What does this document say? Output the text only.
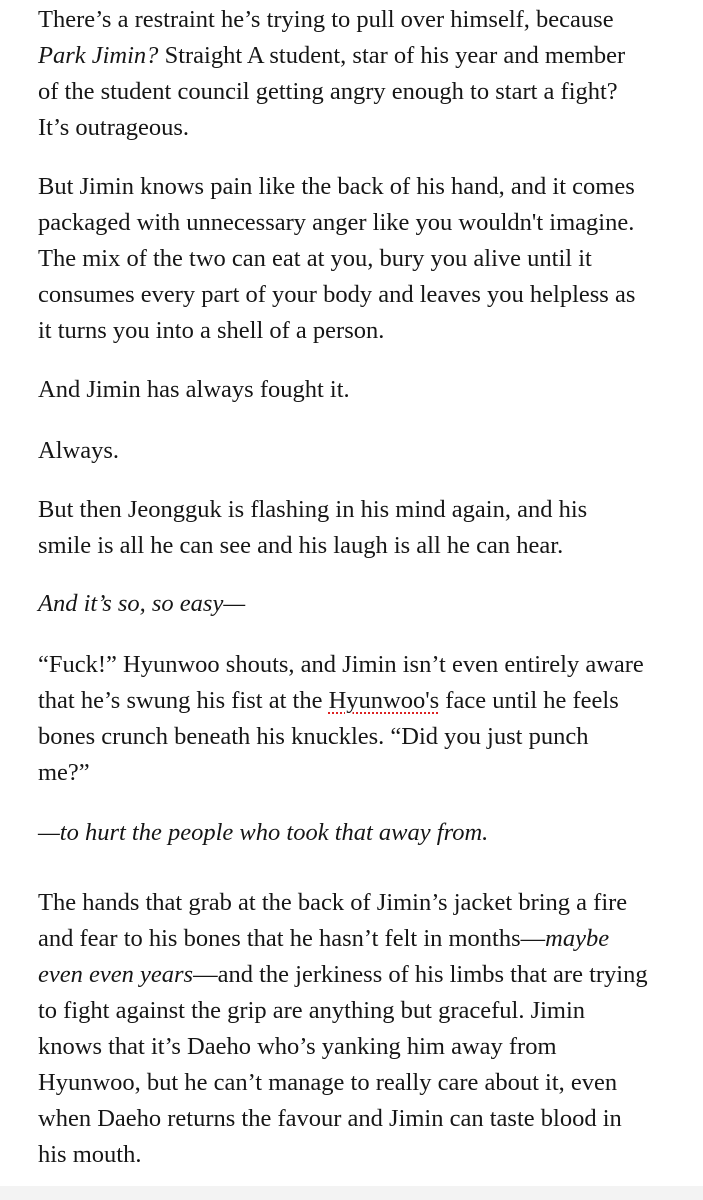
There’s a restraint he’s trying to pull over himself, because
Park Jimin? Straight A student, star of his year and member
of the student council getting angry enough to start a fight?
It’s outrageous.

But Jimin knows pain like the back of his hand, and it comes
packaged with unnecessary anger like you wouldn't imagine.
The mix of the two can eat at you, bury you alive until it
consumes every part of your body and leaves you helpless as
it turns you into a shell of a person.

And Jimin has always fought it.

Always.

But then Jeongguk is flashing in his mind again, and his
smile is all he can see and his laugh is all he can hear.

And it’s so, so easy—

“Fuck!” Hyunwoo shouts, and Jimin isn’t even entirely aware
that he’s swung his fist at the Hyunwoo's face until he feels
bones crunch beneath his knuckles. “Did you just punch
me?”

—to hurt the people who took that away from.

The hands that grab at the back of Jimin’s jacket bring a fire
and fear to his bones that he hasn’t felt in months—maybe
even even years—and the jerkiness of his limbs that are trying
to fight against the grip are anything but graceful. Jimin
knows that it’s Daeho who’s yanking him away from
Hyunwoo, but he can’t manage to really care about it, even
when Daeho returns the favour and Jimin can taste blood in
his mouth.
